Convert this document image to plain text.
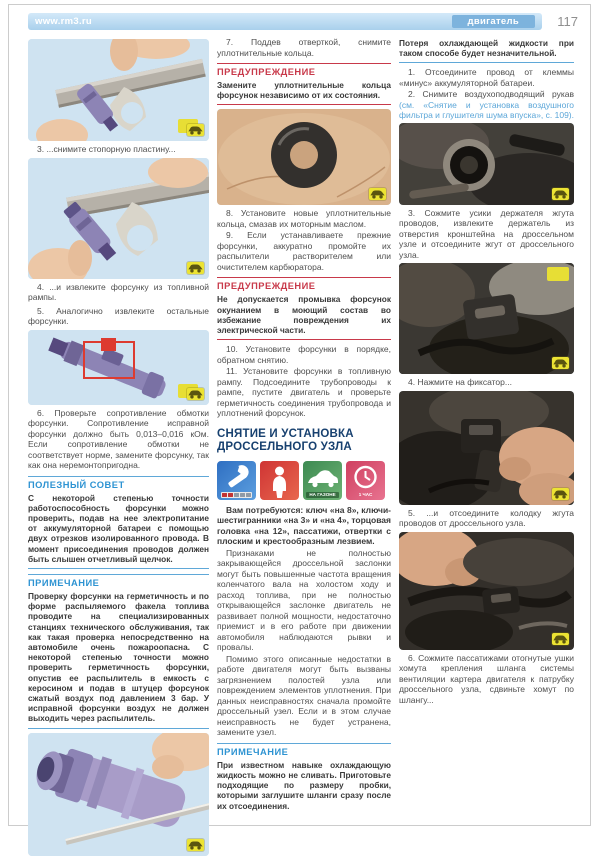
www.rm3.ru	двигатель	117

3. ...снимите стопорную пластину...

4. ...и извлеките форсунку из топливной рампы.

5. Аналогично извлеките остальные форсунки.

6. Проверьте сопротивление обмотки форсунки. Сопротивление исправной форсунки должно быть 0,013–0,016 кОм. Если сопротивление обмотки не соответствует норме, замените форсунку, так как она неремонтопригодна.

ПОЛЕЗНЫЙ СОВЕТ

С некоторой степенью точности работоспособность форсунки можно проверить, подав на нее электропитание от аккумуляторной батареи с помощью двух отрезков изолированного провода. В момент присоединения проводов должен быть слышен отчетливый щелчок.

ПРИМЕЧАНИЕ

Проверку форсунки на герметичность и по форме распыляемого факела топлива проводите на специализированных станциях технического обслуживания, так как такая проверка непосредственно на автомобиле очень пожароопасна. С некоторой степенью точности можно проверить герметичность форсунки, опустив ее распылитель в емкость с керосином и подав в штуцер форсунок сжатый воздух под давлением 3 бар. У исправной форсунки воздух не должен выходить через распылитель.

7. Поддев отверткой, снимите уплотнительные кольца.

ПРЕДУПРЕЖДЕНИЕ

Замените уплотнительные кольца форсунок независимо от их состояния.

8. Установите новые уплотнительные кольца, смазав их моторным маслом.

9. Если устанавливаете прежние форсунки, аккуратно промойте их распылители растворителем или очистителем карбюратора.

ПРЕДУПРЕЖДЕНИЕ

Не допускается промывка форсунок окунанием в моющий состав во избежание повреждения их электрической части.

10. Установите форсунки в порядке, обратном снятию.

11. Установите форсунки в топливную рампу. Подсоедините трубопроводы к рампе, пустите двигатель и проверьте герметичность соединения трубопровода и уплотнений форсунок.

СНЯТИЕ И УСТАНОВКА ДРОССЕЛЬНОГО УЗЛА
НА ГАЗОНЕ	1 ЧАС

Вам потребуются: ключ «на 8», ключи-шестигранники «на 3» и «на 4», торцовая головка «на 12», пассатижи, отвертки с плоским и крестообразным лезвием.

Признаками не полностью закрывающейся дроссельной заслонки могут быть повышенные частота вращения коленчатого вала на холостом ходу и расход топлива, при не полностью открывающейся заслонке двигатель не развивает полной мощности, недостаточно приемист и в его работе при движении автомобиля наблюдаются рывки и провалы.

Помимо этого описанные недостатки в работе двигателя могут быть вызваны загрязнением полостей узла или повреждением элементов уплотнения. При данных неисправностях сначала промойте дроссельный узел. Если и в этом случае неисправность не будет устранена, замените узел.

ПРИМЕЧАНИЕ

При известном навыке охлаждающую жидкость можно не сливать. Приготовьте подходящие по размеру пробки, которыми заглушите шланги сразу после их отсоединения.

Потеря охлаждающей жидкости при таком способе будет незначительной.

1. Отсоедините провод от клеммы «минус» аккумуляторной батареи.

2. Снимите воздухоподводящий рукав (см. «Снятие и установка воздушного фильтра и глушителя шума впуска», с. 109).

3. Сожмите усики держателя жгута проводов, извлеките держатель из отверстия кронштейна на дроссельном узле и отсоедините жгут от дроссельного узла.

4. Нажмите на фиксатор...

5. ...и отсоедините колодку жгута проводов от дроссельного узла.

6. Сожмите пассатижами отогнутые ушки хомута крепления шланга системы вентиляции картера двигателя к патрубку дроссельного узла, сдвиньте хомут по шлангу...
